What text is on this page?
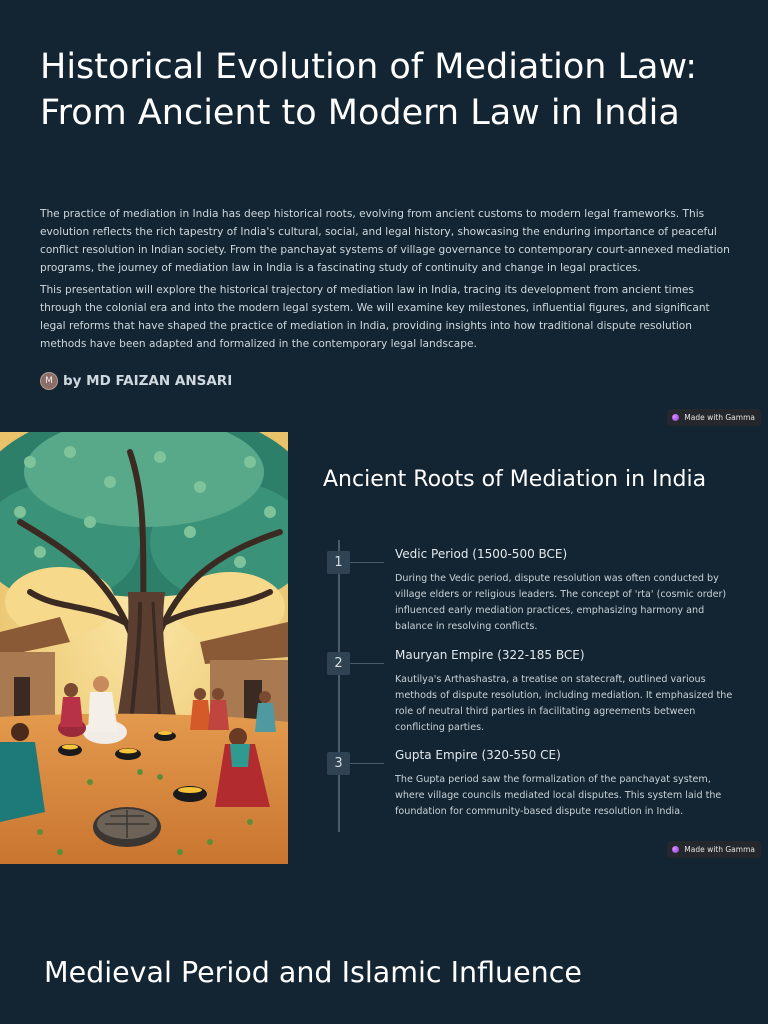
Historical Evolution of Mediation Law:
From Ancient to Modern Law in India

The practice of mediation in India has deep historical roots, evolving from ancient customs to modern legal frameworks. This evolution reflects the rich tapestry of India's cultural, social, and legal history, showcasing the enduring importance of peaceful conflict resolution in Indian society. From the panchayat systems of village governance to contemporary court-annexed mediation programs, the journey of mediation law in India is a fascinating study of continuity and change in legal practices.

This presentation will explore the historical trajectory of mediation law in India, tracing its development from ancient times through the colonial era and into the modern legal system. We will examine key milestones, influential figures, and significant legal reforms that have shaped the practice of mediation in India, providing insights into how traditional dispute resolution methods have been adapted and formalized in the contemporary legal landscape.

M by MD FAIZAN ANSARI
Made with Gamma
Ancient Roots of Mediation in India
1
Vedic Period (1500-500 BCE)
During the Vedic period, dispute resolution was often conducted by village elders or religious leaders. The concept of 'rta' (cosmic order) influenced early mediation practices, emphasizing harmony and balance in resolving conflicts.
2
Mauryan Empire (322-185 BCE)
Kautilya's Arthashastra, a treatise on statecraft, outlined various methods of dispute resolution, including mediation. It emphasized the role of neutral third parties in facilitating agreements between conflicting parties.
3
Gupta Empire (320-550 CE)
The Gupta period saw the formalization of the panchayat system, where village councils mediated local disputes. This system laid the foundation for community-based dispute resolution in India.
Made with Gamma
Medieval Period and Islamic Influence
